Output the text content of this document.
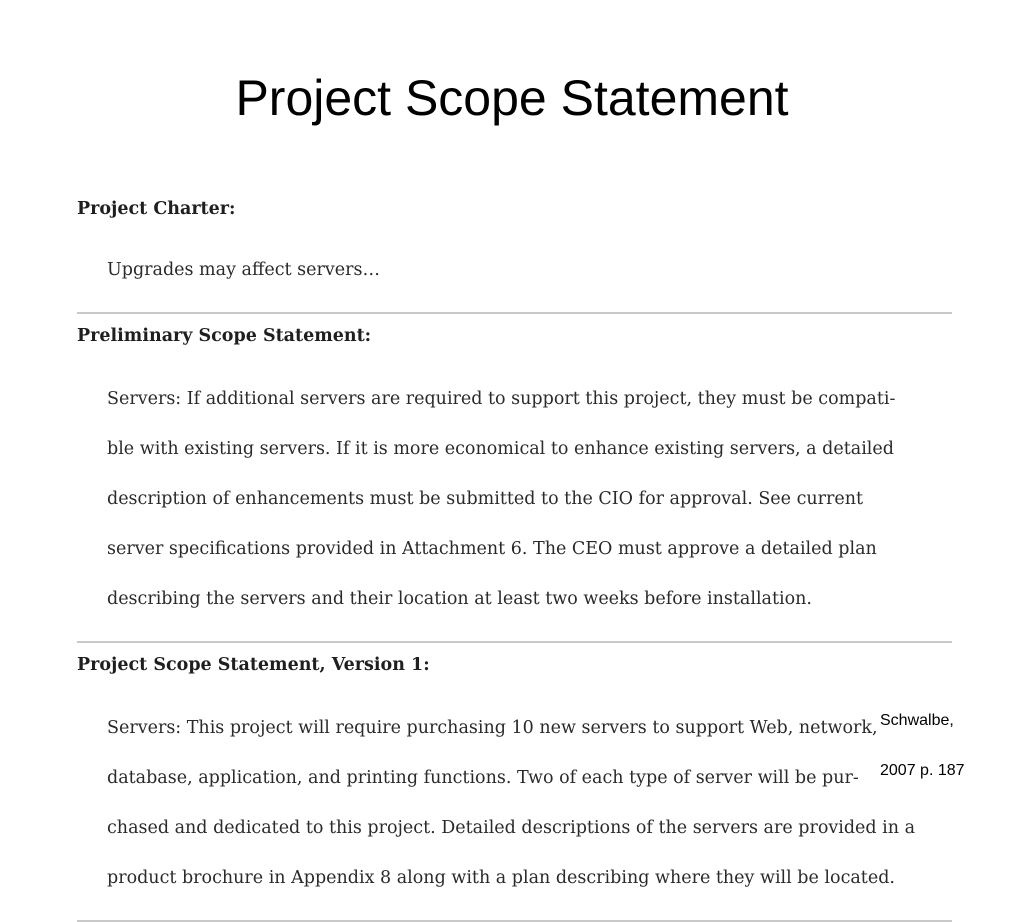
Project Scope Statement
Project Charter:

Upgrades may affect servers…

Preliminary Scope Statement:

Servers: If additional servers are required to support this project, they must be compati-

ble with existing servers. If it is more economical to enhance existing servers, a detailed

description of enhancements must be submitted to the CIO for approval. See current

server specifications provided in Attachment 6. The CEO must approve a detailed plan

describing the servers and their location at least two weeks before installation.

Project Scope Statement, Version 1:

Servers: This project will require purchasing 10 new servers to support Web, network,

database, application, and printing functions. Two of each type of server will be pur-

chased and dedicated to this project. Detailed descriptions of the servers are provided in a

product brochure in Appendix 8 along with a plan describing where they will be located.

Schwalbe,

2007 p. 187
